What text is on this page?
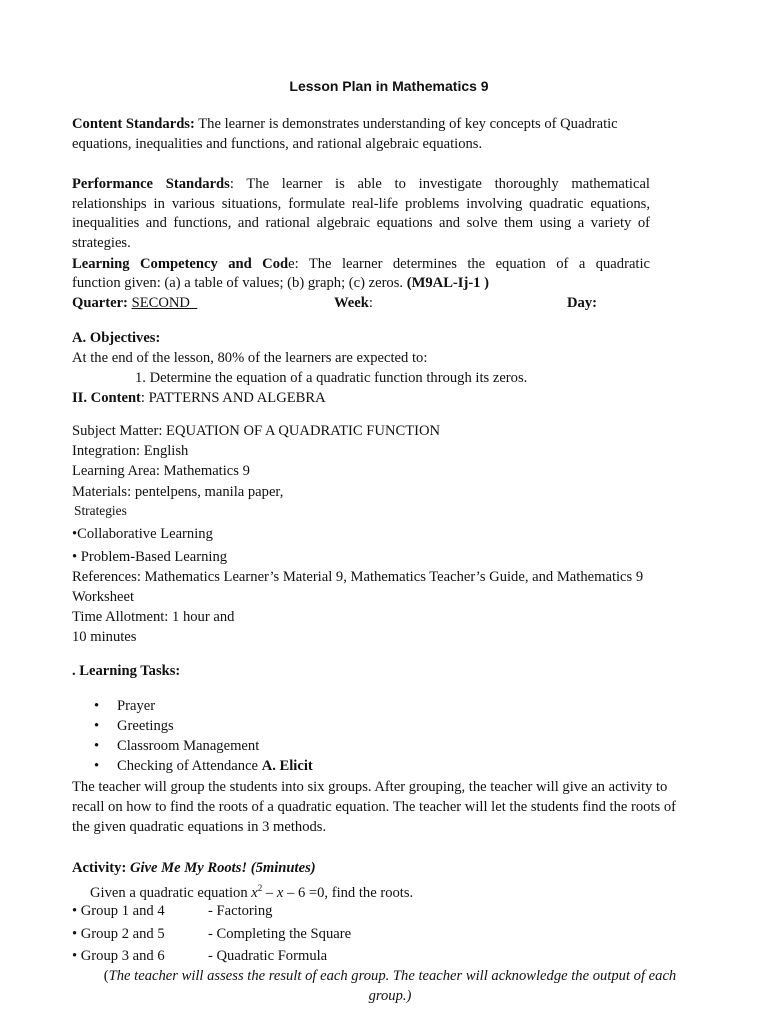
Lesson Plan in Mathematics 9
Content Standards: The learner is demonstrates understanding of key concepts of Quadratic
equations, inequalities and functions, and rational algebraic equations.
Performance Standards: The learner is able to investigate thoroughly mathematical
relationships in various situations, formulate real-life problems involving quadratic equations,
inequalities and functions, and rational algebraic equations and solve them using a variety of
strategies.
Learning Competency and Code: The learner determines the equation of a quadratic
function given: (a) a table of values; (b) graph; (c) zeros. (M9AL-Ij-1 )
Quarter: SECOND	Week:	Day:
A. Objectives:
At the end of the lesson, 80% of the learners are expected to:
1. Determine the equation of a quadratic function through its zeros.
II. Content: PATTERNS AND ALGEBRA
Subject Matter: EQUATION OF A QUADRATIC FUNCTION
Integration: English
Learning Area: Mathematics 9
Materials: pentelpens, manila paper,
Strategies
•Collaborative Learning
• Problem-Based Learning
References: Mathematics Learner’s Material 9, Mathematics Teacher’s Guide, and Mathematics 9
Worksheet
Time Allotment: 1 hour and
10 minutes
. Learning Tasks:
• Prayer
• Greetings
• Classroom Management
• Checking of Attendance A. Elicit
The teacher will group the students into six groups. After grouping, the teacher will give an activity to
recall on how to find the roots of a quadratic equation. The teacher will let the students find the roots of
the given quadratic equations in 3 methods.
Activity: Give Me My Roots! (5minutes)
Given a quadratic equation $x^2 - x - 6 =0$, find the roots.
• Group 1 and 4	- Factoring
• Group 2 and 5	- Completing the Square
• Group 3 and 6	- Quadratic Formula
(The teacher will assess the result of each group. The teacher will acknowledge the output of each
group.)
